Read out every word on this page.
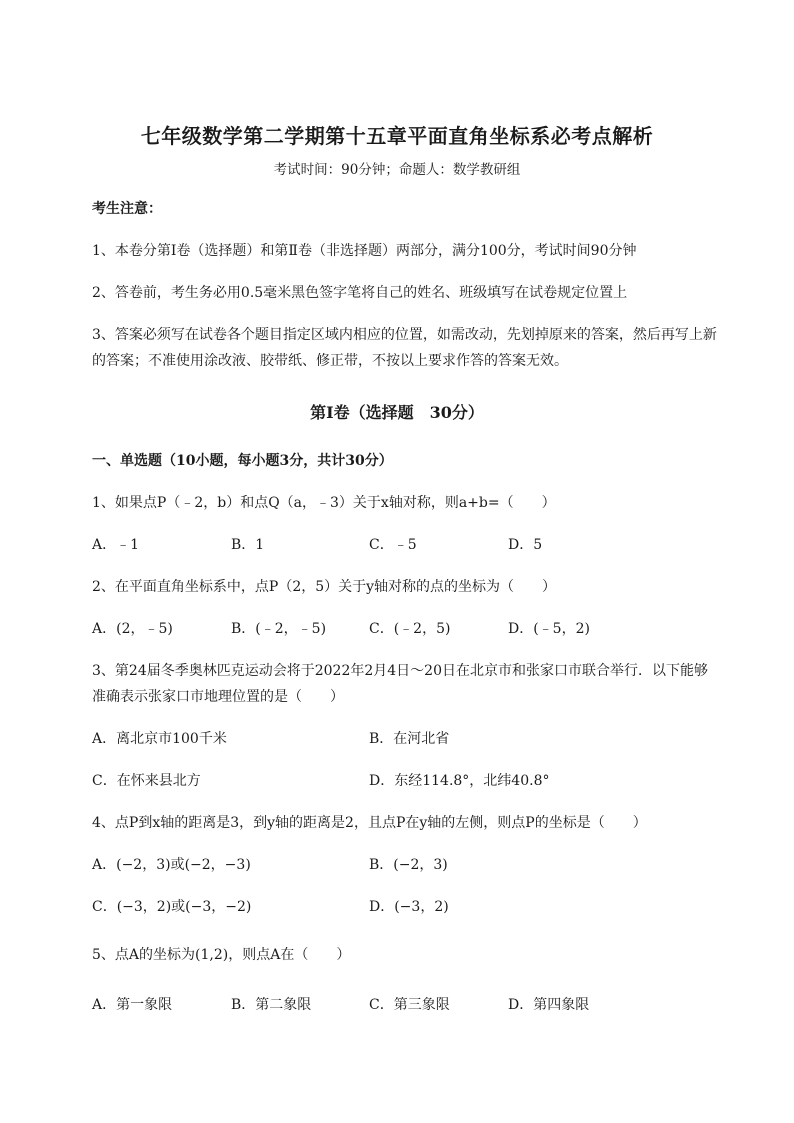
七年级数学第二学期第十五章平面直角坐标系必考点解析
考试时间：90分钟；命题人：数学教研组
考生注意：
1、本卷分第I卷（选择题）和第Ⅱ卷（非选择题）两部分，满分100分，考试时间90分钟
2、答卷前，考生务必用0.5毫米黑色签字笔将自己的姓名、班级填写在试卷规定位置上
3、答案必须写在试卷各个题目指定区域内相应的位置，如需改动，先划掉原来的答案，然后再写上新的答案；不准使用涂改液、胶带纸、修正带，不按以上要求作答的答案无效。
第I卷（选择题　30分）
一、单选题（10小题，每小题3分，共计30分）
1、如果点P（﹣2，b）和点Q（a，﹣3）关于x轴对称，则a+b=（　　）
A．﹣1	B．1	C．﹣5	D．5
2、在平面直角坐标系中，点P（2，5）关于y轴对称的点的坐标为（　　）
A．(2，﹣5)	B．(﹣2，﹣5)	C．(﹣2，5)	D．(﹣5，2)
3、第24届冬季奥林匹克运动会将于2022年2月4日～20日在北京市和张家口市联合举行．以下能够准确表示张家口市地理位置的是（　　）
A．离北京市100千米	B．在河北省
C．在怀来县北方	D．东经114.8°，北纬40.8°
4、点P到x轴的距离是3，到y轴的距离是2，且点P在y轴的左侧，则点P的坐标是（　　）
A．(−2，3)或(−2，−3)	B．(−2，3)
C．(−3，2)或(−3，−2)	D．(−3，2)
5、点A的坐标为(1,2)，则点A在（　　）
A．第一象限	B．第二象限	C．第三象限	D．第四象限
